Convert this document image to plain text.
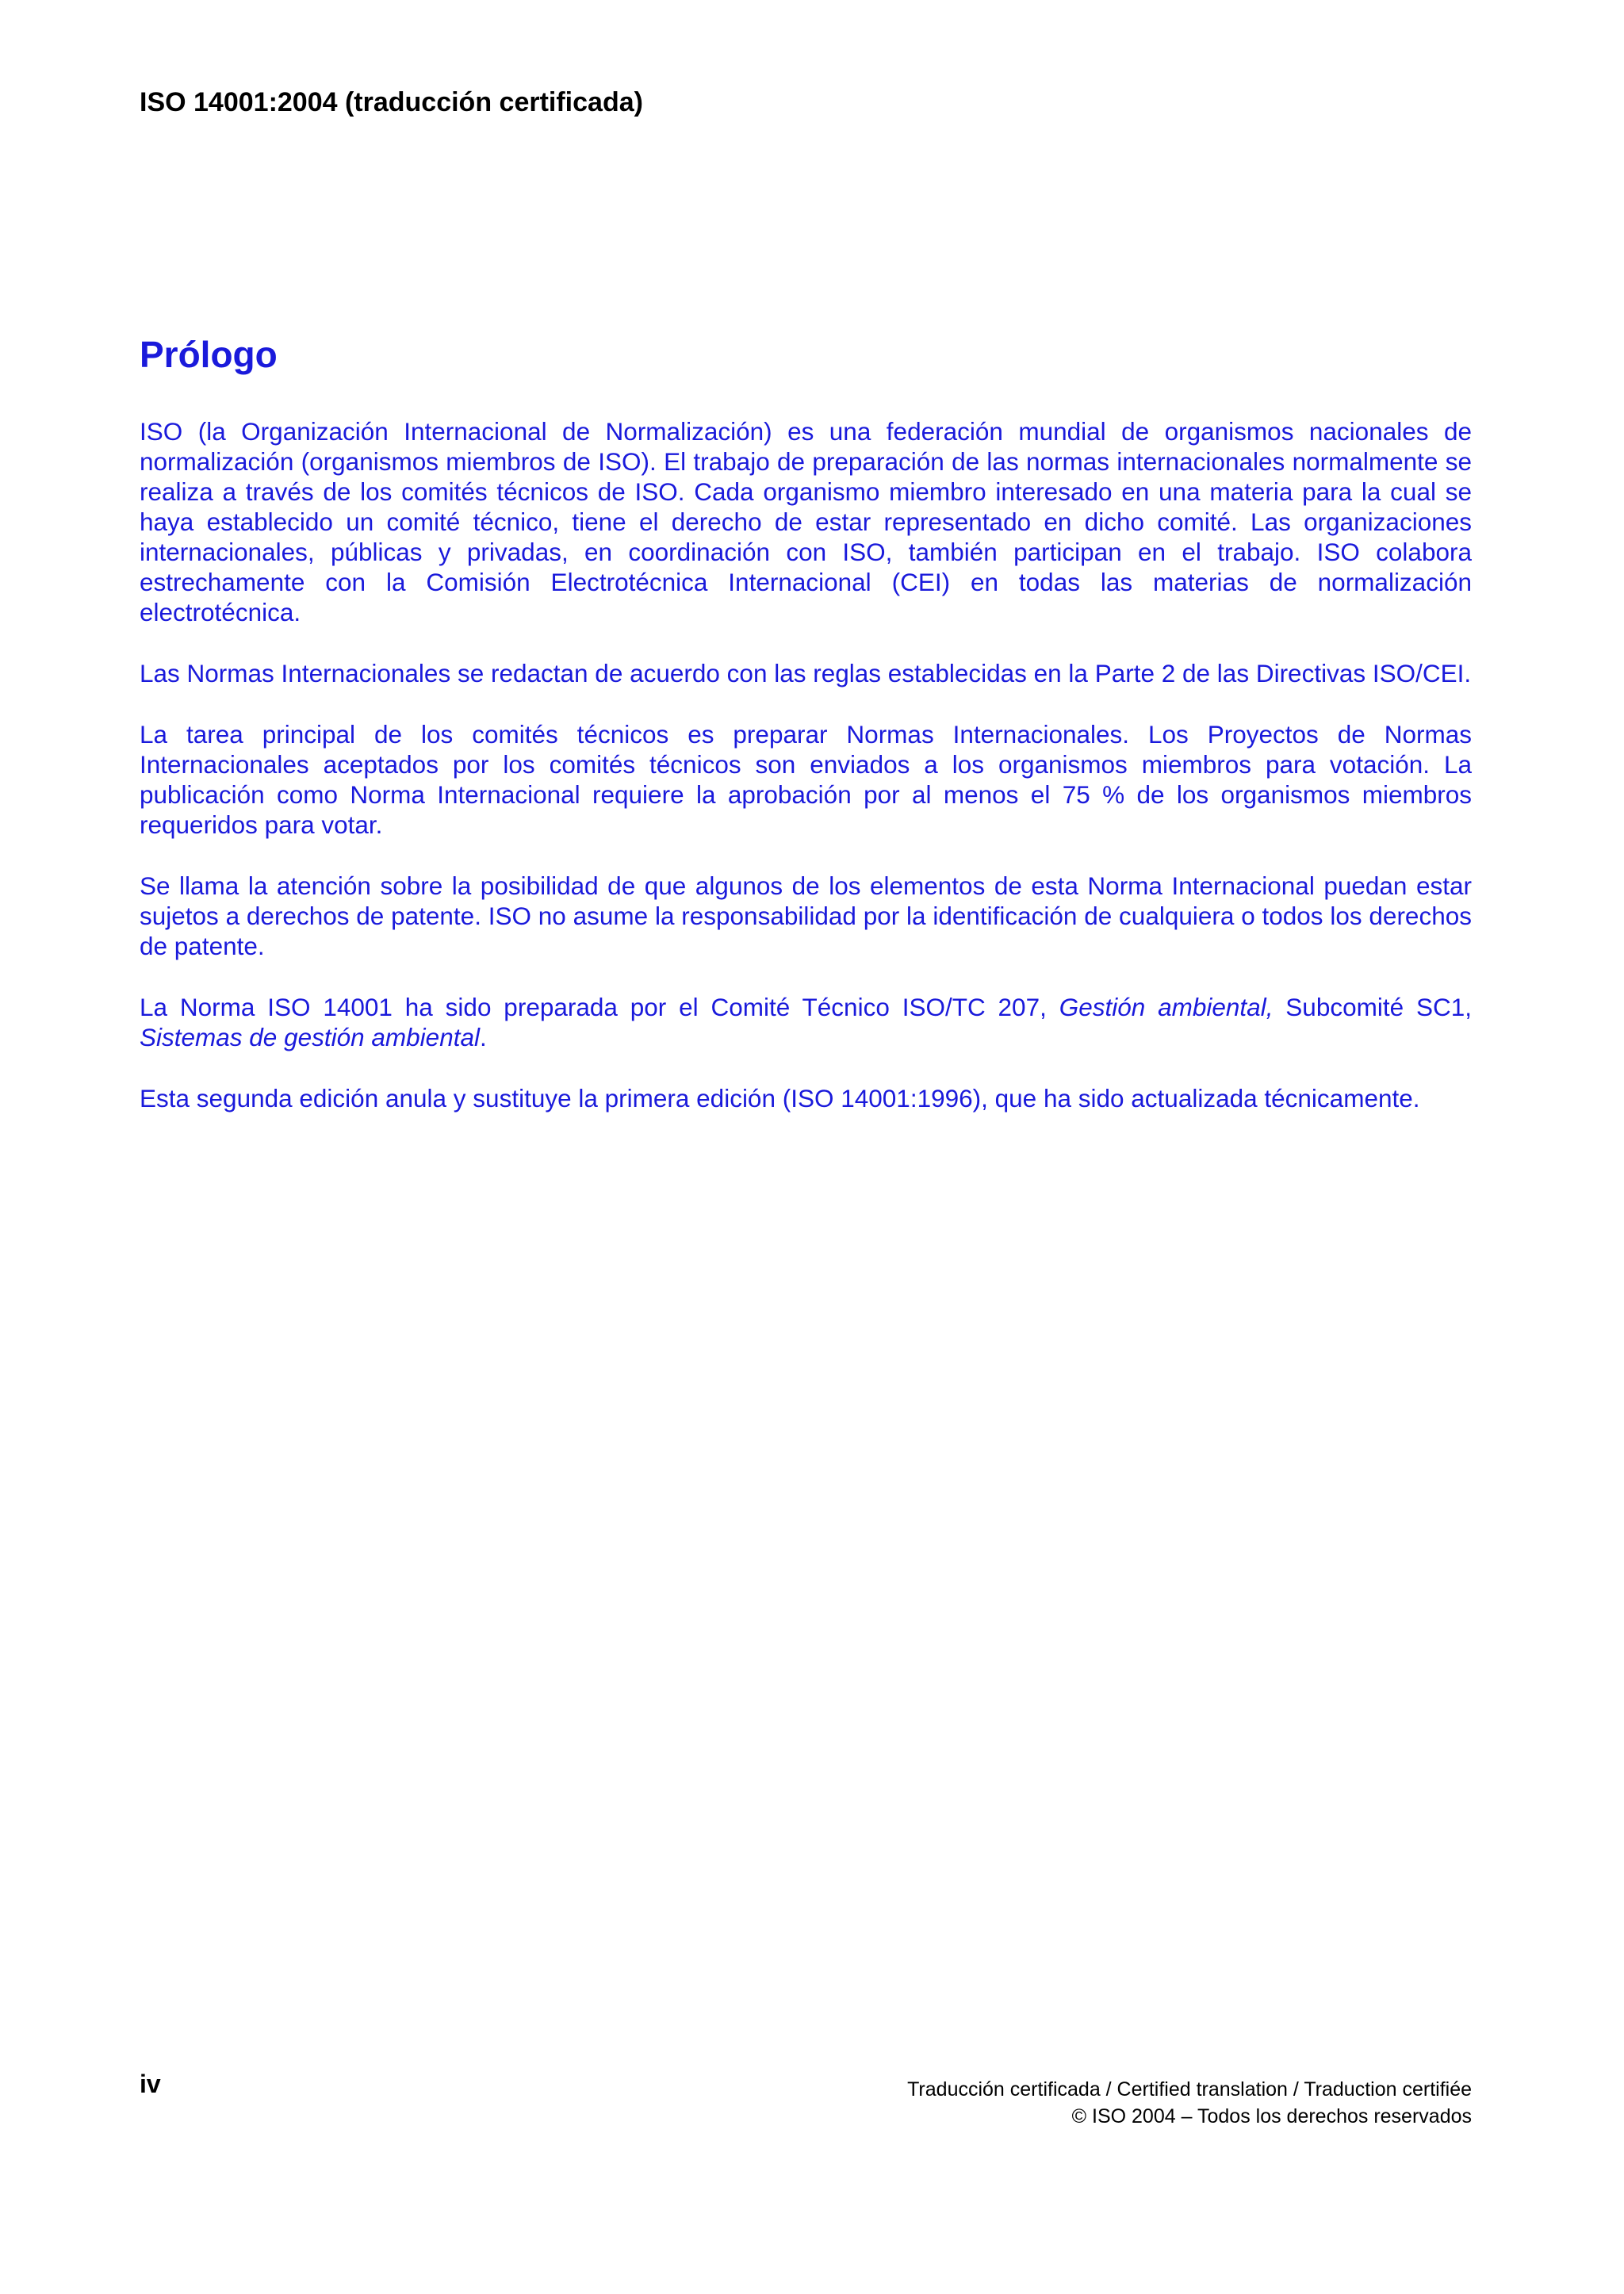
ISO 14001:2004 (traducción certificada)
Prólogo

ISO (la Organización Internacional de Normalización) es una federación mundial de organismos nacionales de normalización (organismos miembros de ISO). El trabajo de preparación de las normas internacionales normalmente se realiza a través de los comités técnicos de ISO. Cada organismo miembro interesado en una materia para la cual se haya establecido un comité técnico, tiene el derecho de estar representado en dicho comité. Las organizaciones internacionales, públicas y privadas, en coordinación con ISO, también participan en el trabajo. ISO colabora estrechamente con la Comisión Electrotécnica Internacional (CEI) en todas las materias de normalización electrotécnica.

Las Normas Internacionales se redactan de acuerdo con las reglas establecidas en la Parte 2 de las Directivas ISO/CEI.

La tarea principal de los comités técnicos es preparar Normas Internacionales. Los Proyectos de Normas Internacionales aceptados por los comités técnicos son enviados a los organismos miembros para votación. La publicación como Norma Internacional requiere la aprobación por al menos el 75 % de los organismos miembros requeridos para votar.

Se llama la atención sobre la posibilidad de que algunos de los elementos de esta Norma Internacional puedan estar sujetos a derechos de patente. ISO no asume la responsabilidad por la identificación de cualquiera o todos los derechos de patente.

La Norma ISO 14001 ha sido preparada por el Comité Técnico ISO/TC 207, Gestión ambiental, Subcomité SC1, Sistemas de gestión ambiental.

Esta segunda edición anula y sustituye la primera edición (ISO 14001:1996), que ha sido actualizada técnicamente.

iv	Traducción certificada / Certified translation / Traduction certifiée
© ISO 2004 – Todos los derechos reservados
